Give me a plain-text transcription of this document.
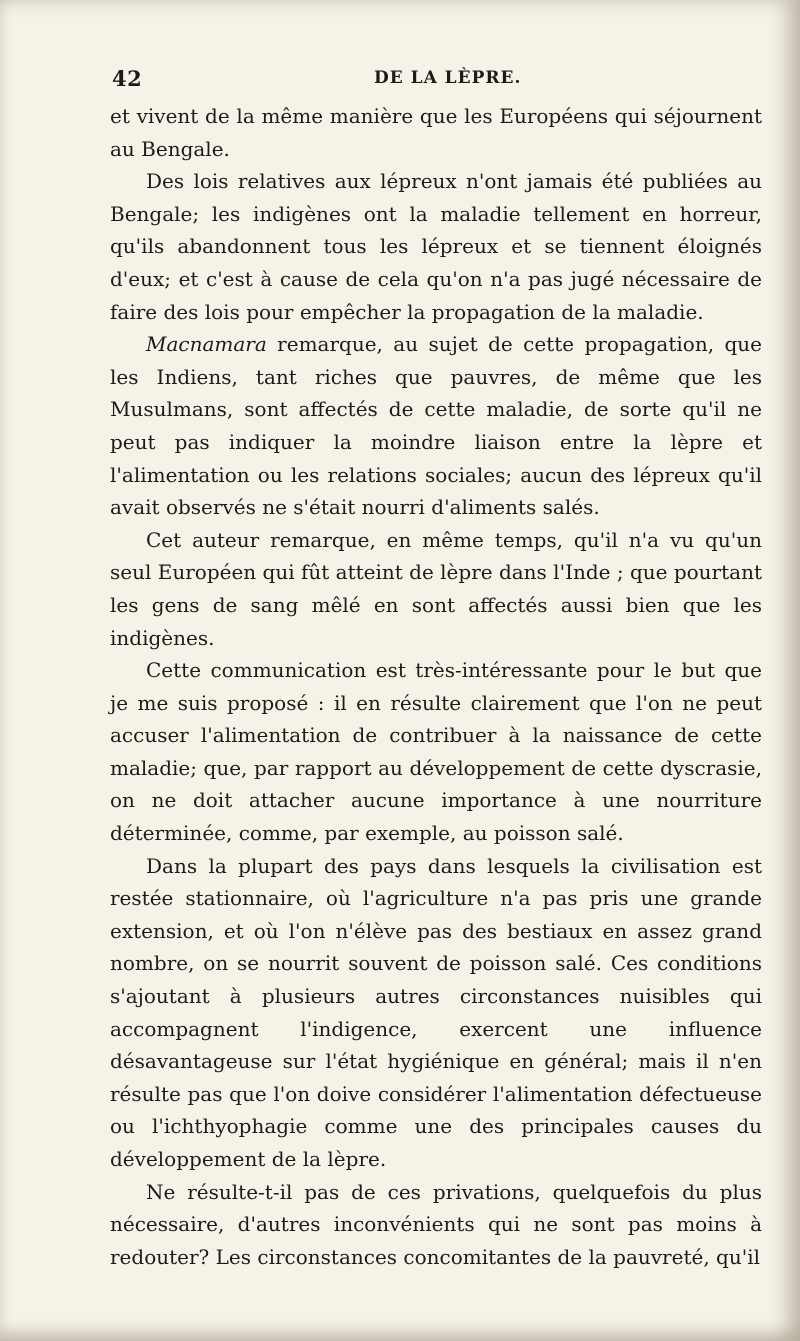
42	DE LA LÈPRE.

et vivent de la même manière que les Européens qui séjournent au Bengale.

Des lois relatives aux lépreux n'ont jamais été publiées au Bengale; les indigènes ont la maladie tellement en horreur, qu'ils abandonnent tous les lépreux et se tiennent éloignés d'eux; et c'est à cause de cela qu'on n'a pas jugé nécessaire de faire des lois pour empêcher la propagation de la maladie.

Macnamara remarque, au sujet de cette propagation, que les Indiens, tant riches que pauvres, de même que les Musulmans, sont affectés de cette maladie, de sorte qu'il ne peut pas indiquer la moindre liaison entre la lèpre et l'alimentation ou les relations sociales; aucun des lépreux qu'il avait observés ne s'était nourri d'aliments salés.

Cet auteur remarque, en même temps, qu'il n'a vu qu'un seul Européen qui fût atteint de lèpre dans l'Inde ; que pourtant les gens de sang mêlé en sont affectés aussi bien que les indigènes.

Cette communication est très-intéressante pour le but que je me suis proposé : il en résulte clairement que l'on ne peut accuser l'alimentation de contribuer à la naissance de cette maladie; que, par rapport au développement de cette dyscrasie, on ne doit attacher aucune importance à une nourriture déterminée, comme, par exemple, au poisson salé.

Dans la plupart des pays dans lesquels la civilisation est restée stationnaire, où l'agriculture n'a pas pris une grande extension, et où l'on n'élève pas des bestiaux en assez grand nombre, on se nourrit souvent de poisson salé. Ces conditions s'ajoutant à plusieurs autres circonstances nuisibles qui accompagnent l'indigence, exercent une influence désavantageuse sur l'état hygiénique en général; mais il n'en résulte pas que l'on doive considérer l'alimentation défectueuse ou l'ichthyophagie comme une des principales causes du développement de la lèpre.

Ne résulte-t-il pas de ces privations, quelquefois du plus nécessaire, d'autres inconvénients qui ne sont pas moins à redouter? Les circonstances concomitantes de la pauvreté, qu'il
